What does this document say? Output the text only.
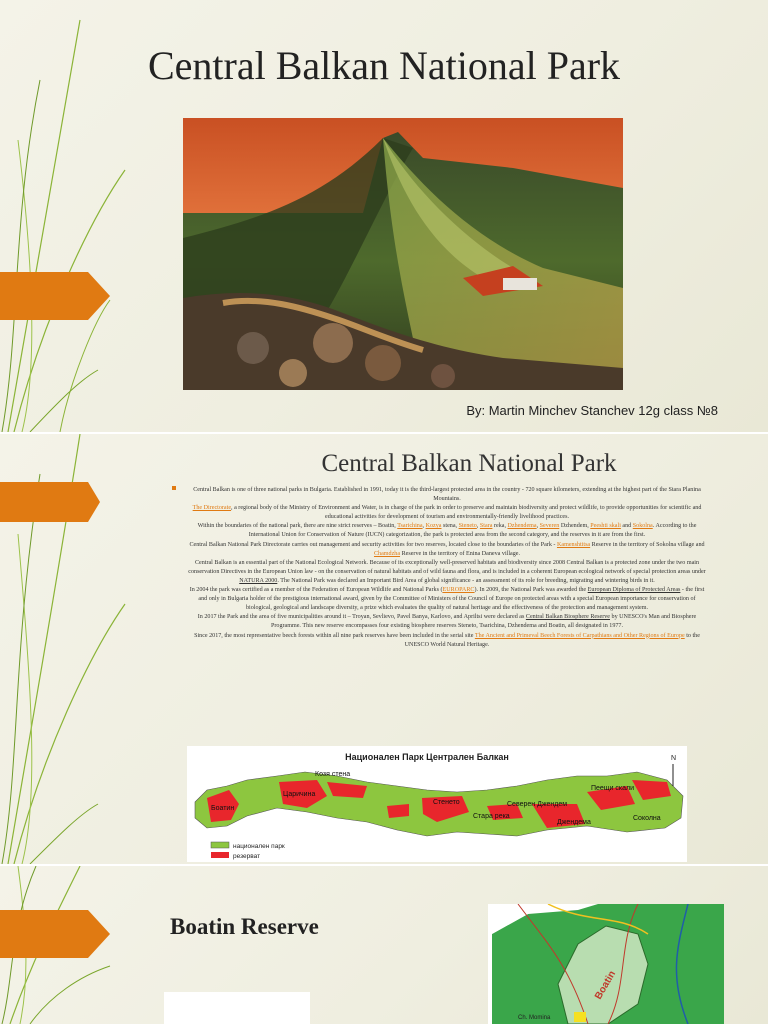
Central Balkan National Park
By: Martin Minchev Stanchev 12g class №8
Central Balkan National Park

Central Balkan is one of three national parks in Bulgaria. Established in 1991, today it is the third-largest protected area in the country - 720 square kilometers, extending at the highest part of the Stara Planina Mountains.

The Directorate, a regional body of the Ministry of Environment and Water, is in charge of the park in order to preserve and maintain biodiversity and protect wildlife, to provide opportunities for scientific and educational activities for development of tourism and environmentally-friendly livelihood practices.

Within the boundaries of the national park, there are nine strict reserves – Boatin, Tsarichina, Kozya stena, Steneto, Stara reka, Dzhendema, Severen Dzhendem, Peeshti skali and Sokolna. According to the International Union for Conservation of Nature (IUCN) categorization, the park is protected area from the second category, and the reserves in it are from the first.

Central Balkan National Park Directorate carries out management and security activities for two reserves, located close to the boundaries of the Park - Kamenshtitsa Reserve in the territory of Sokolna village and Chamdzha Reserve in the territory of Enina Daneva village.

Central Balkan is an essential part of the National Ecological Network. Because of its exceptionally well-preserved habitats and biodiversity since 2008 Central Balkan is a protected zone under the two main conservation Directives in the European Union law - on the conservation of natural habitats and of wild fauna and flora, and is included in a coherent European ecological network of special protection areas under NATURA 2000. The National Park was declared an Important Bird Area of global significance - an assessment of its role for breeding, migrating and wintering birds in it.

In 2004 the park was certified as a member of the Federation of European Wildlife and National Parks (EUROPARC). In 2009, the National Park was awarded the European Diploma of Protected Areas - the first and only in Bulgaria holder of the prestigious international award, given by the Committee of Ministers of the Council of Europe on protected areas with a special European importance for conservation of biological, geological and landscape diversity, a prize which evaluates the quality of natural heritage and the effectiveness of the protection and management system.

In 2017 the Park and the area of five municipalities around it – Troyan, Sevlievo, Pavel Banya, Karlovo, and Apriltsi were declared as Central Balkan Biosphere Reserve by UNESCO's Man and Biosphere Programme. This new reserve encompasses four existing biosphere reserves Steneto, Tsarichina, Dzhendema and Boatin, all designated in 1977.

Since 2017, the most representative beech forests within all nine park reserves have been included in the serial site The Ancient and Primeval Beech Forests of Carpathians and Other Regions of Europe to the UNESCO World Natural Heritage.

Национален Парк Централен Балкан
Боатин
Козя стена
Царичина
Стенето
Стара река
Северен Джендем
Пеещи скали
Джендема
Соколна
N
национален парк
резерват
Boatin Reserve
Boatin
Ch. Momina
